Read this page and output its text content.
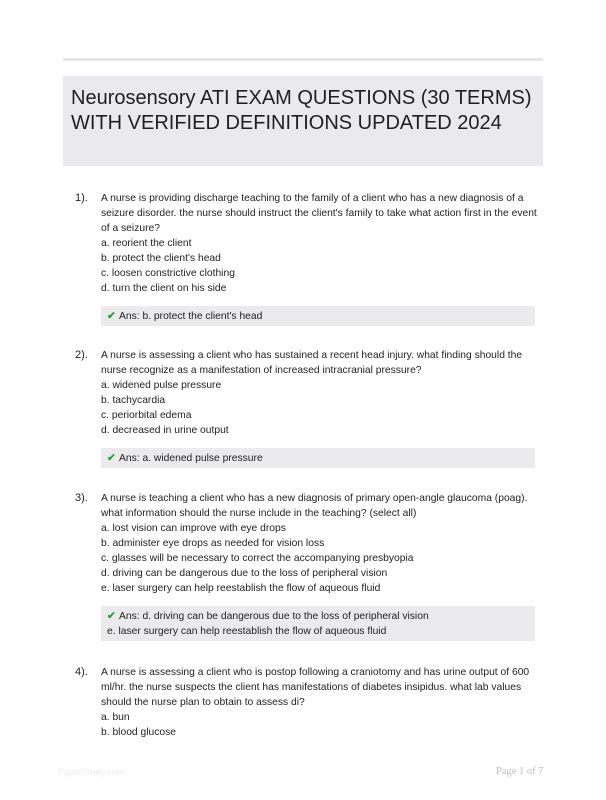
Neurosensory ATI EXAM QUESTIONS (30 TERMS) WITH VERIFIED DEFINITIONS UPDATED 2024
1). A nurse is providing discharge teaching to the family of a client who has a new diagnosis of a seizure disorder. the nurse should instruct the client's family to take what action first in the event of a seizure?
a. reorient the client
b. protect the client's head
c. loosen constrictive clothing
d. turn the client on his side
✔ Ans: b. protect the client's head
2). A nurse is assessing a client who has sustained a recent head injury. what finding should the nurse recognize as a manifestation of increased intracranial pressure?
a. widened pulse pressure
b. tachycardia
c. periorbital edema
d. decreased in urine output
✔ Ans: a. widened pulse pressure
3). A nurse is teaching a client who has a new diagnosis of primary open-angle glaucoma (poag). what information should the nurse include in the teaching? (select all)
a. lost vision can improve with eye drops
b. administer eye drops as needed for vision loss
c. glasses will be necessary to correct the accompanying presbyopia
d. driving can be dangerous due to the loss of peripheral vision
e. laser surgery can help reestablish the flow of aqueous fluid
✔ Ans: d. driving can be dangerous due to the loss of peripheral vision
e. laser surgery can help reestablish the flow of aqueous fluid
4). A nurse is assessing a client who is postop following a craniotomy and has urine output of 600 ml/hr. the nurse suspects the client has manifestations of diabetes insipidus. what lab values should the nurse plan to obtain to assess di?
a. bun
b. blood glucose
PaperStudy.com	Page 1 of 7
